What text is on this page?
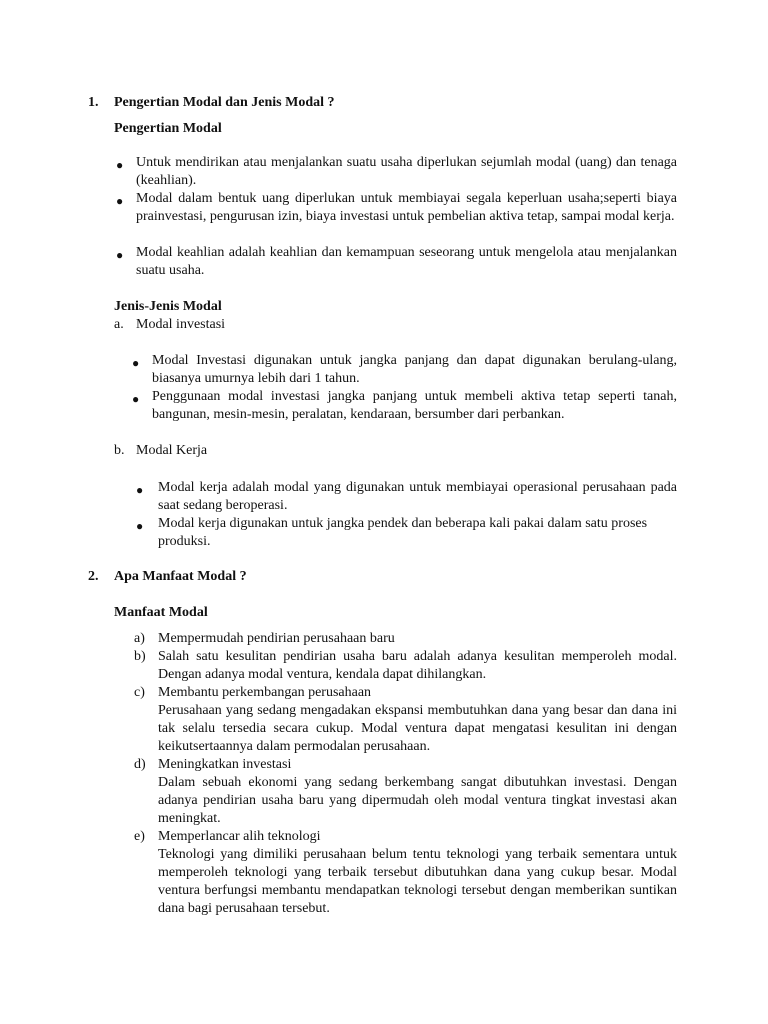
1. Pengertian Modal dan Jenis Modal ?
Pengertian Modal
● Untuk mendirikan atau menjalankan suatu usaha diperlukan sejumlah modal (uang) dan tenaga (keahlian).
● Modal dalam bentuk uang diperlukan untuk membiayai segala keperluan usaha;seperti biaya prainvestasi, pengurusan izin, biaya investasi untuk pembelian aktiva tetap, sampai modal kerja.
● Modal keahlian adalah keahlian dan kemampuan seseorang untuk mengelola atau menjalankan suatu usaha.
Jenis-Jenis Modal
a. Modal investasi
● Modal Investasi digunakan untuk jangka panjang dan dapat digunakan berulang-ulang, biasanya umurnya lebih dari 1 tahun.
● Penggunaan modal investasi jangka panjang untuk membeli aktiva tetap seperti tanah, bangunan, mesin-mesin, peralatan, kendaraan, bersumber dari perbankan.
b. Modal Kerja
● Modal kerja adalah modal yang digunakan untuk membiayai operasional perusahaan pada saat sedang beroperasi.
● Modal kerja digunakan untuk jangka pendek dan beberapa kali pakai dalam satu proses produksi.
2. Apa Manfaat Modal ?
Manfaat Modal
a) Mempermudah pendirian perusahaan baru
b) Salah satu kesulitan pendirian usaha baru adalah adanya kesulitan memperoleh modal. Dengan adanya modal ventura, kendala dapat dihilangkan.
c) Membantu perkembangan perusahaan
Perusahaan yang sedang mengadakan ekspansi membutuhkan dana yang besar dan dana ini tak selalu tersedia secara cukup. Modal ventura dapat mengatasi kesulitan ini dengan keikutsertaannya dalam permodalan perusahaan.
d) Meningkatkan investasi
Dalam sebuah ekonomi yang sedang berkembang sangat dibutuhkan investasi. Dengan adanya pendirian usaha baru yang dipermudah oleh modal ventura tingkat investasi akan meningkat.
e) Memperlancar alih teknologi
Teknologi yang dimiliki perusahaan belum tentu teknologi yang terbaik sementara untuk memperoleh teknologi yang terbaik tersebut dibutuhkan dana yang cukup besar. Modal ventura berfungsi membantu mendapatkan teknologi tersebut dengan memberikan suntikan dana bagi perusahaan tersebut.
